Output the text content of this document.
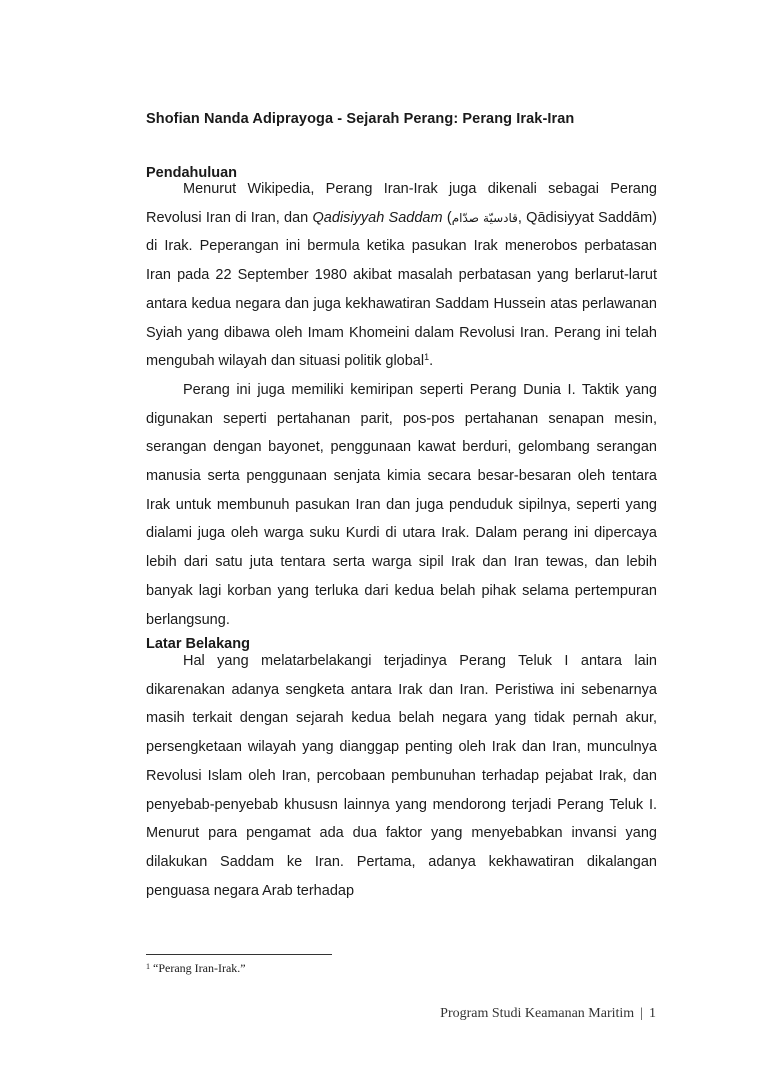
Shofian Nanda Adiprayoga - Sejarah Perang: Perang Irak-Iran
Pendahuluan

Menurut Wikipedia, Perang Iran-Irak juga dikenali sebagai Perang Revolusi Iran di Iran, dan Qadisiyyah Saddam (قادسيّة صدّام, Qādisiyyat Saddām) di Irak. Peperangan ini bermula ketika pasukan Irak menerobos perbatasan Iran pada 22 September 1980 akibat masalah perbatasan yang berlarut-larut antara kedua negara dan juga kekhawatiran Saddam Hussein atas perlawanan Syiah yang dibawa oleh Imam Khomeini dalam Revolusi Iran. Perang ini telah mengubah wilayah dan situasi politik global$^1$.

Perang ini juga memiliki kemiripan seperti Perang Dunia I. Taktik yang digunakan seperti pertahanan parit, pos-pos pertahanan senapan mesin, serangan dengan bayonet, penggunaan kawat berduri, gelombang serangan manusia serta penggunaan senjata kimia secara besar-besaran oleh tentara Irak untuk membunuh pasukan Iran dan juga penduduk sipilnya, seperti yang dialami juga oleh warga suku Kurdi di utara Irak. Dalam perang ini dipercaya lebih dari satu juta tentara serta warga sipil Irak dan Iran tewas, dan lebih banyak lagi korban yang terluka dari kedua belah pihak selama pertempuran berlangsung.

Latar Belakang

Hal yang melatarbelakangi terjadinya Perang Teluk I antara lain dikarenakan adanya sengketa antara Irak dan Iran. Peristiwa ini sebenarnya masih terkait dengan sejarah kedua belah negara yang tidak pernah akur, persengketaan wilayah yang dianggap penting oleh Irak dan Iran, munculnya Revolusi Islam oleh Iran, percobaan pembunuhan terhadap pejabat Irak, dan penyebab-penyebab khususn lainnya yang mendorong terjadi Perang Teluk I. Menurut para pengamat ada dua faktor yang menyebabkan invansi yang dilakukan Saddam ke Iran. Pertama, adanya kekhawatiran dikalangan penguasa negara Arab terhadap

$^1$ “Perang Iran-Irak.”
Program Studi Keamanan Maritim | 1
